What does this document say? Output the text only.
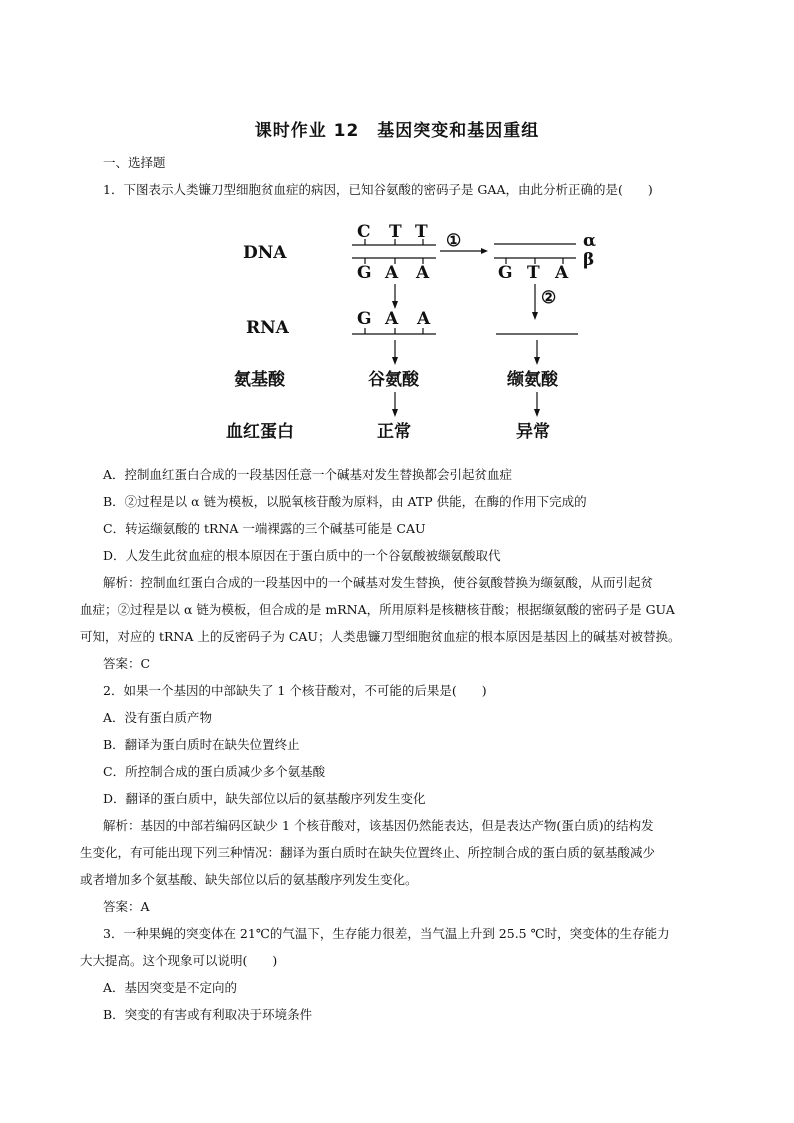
课时作业 12　基因突变和基因重组
一、选择题
1．下图表示人类镰刀型细胞贫血症的病因，已知谷氨酸的密码子是 GAA，由此分析正确的是(　　)
DNA
RNA
氨基酸
血红蛋白
C T T
G A A
①	α
β
G T A
②
G A A
谷氨酸	缬氨酸
正常	异常
A．控制血红蛋白合成的一段基因任意一个碱基对发生替换都会引起贫血症
B．②过程是以 α 链为模板，以脱氧核苷酸为原料，由 ATP 供能，在酶的作用下完成的
C．转运缬氨酸的 tRNA 一端裸露的三个碱基可能是 CAU
D．人发生此贫血症的根本原因在于蛋白质中的一个谷氨酸被缬氨酸取代
解析：控制血红蛋白合成的一段基因中的一个碱基对发生替换，使谷氨酸替换为缬氨酸，从而引起贫
血症；②过程是以 α 链为模板，但合成的是 mRNA，所用原料是核糖核苷酸；根据缬氨酸的密码子是 GUA
可知，对应的 tRNA 上的反密码子为 CAU；人类患镰刀型细胞贫血症的根本原因是基因上的碱基对被替换。
答案：C
2．如果一个基因的中部缺失了 1 个核苷酸对，不可能的后果是(　　)
A．没有蛋白质产物
B．翻译为蛋白质时在缺失位置终止
C．所控制合成的蛋白质减少多个氨基酸
D．翻译的蛋白质中，缺失部位以后的氨基酸序列发生变化
解析：基因的中部若编码区缺少 1 个核苷酸对，该基因仍然能表达，但是表达产物(蛋白质)的结构发
生变化，有可能出现下列三种情况：翻译为蛋白质时在缺失位置终止、所控制合成的蛋白质的氨基酸减少
或者增加多个氨基酸、缺失部位以后的氨基酸序列发生变化。
答案：A
3．一种果蝇的突变体在 21℃的气温下，生存能力很差，当气温上升到 25.5 ℃时，突变体的生存能力
大大提高。这个现象可以说明(　　)
A．基因突变是不定向的
B．突变的有害或有利取决于环境条件
